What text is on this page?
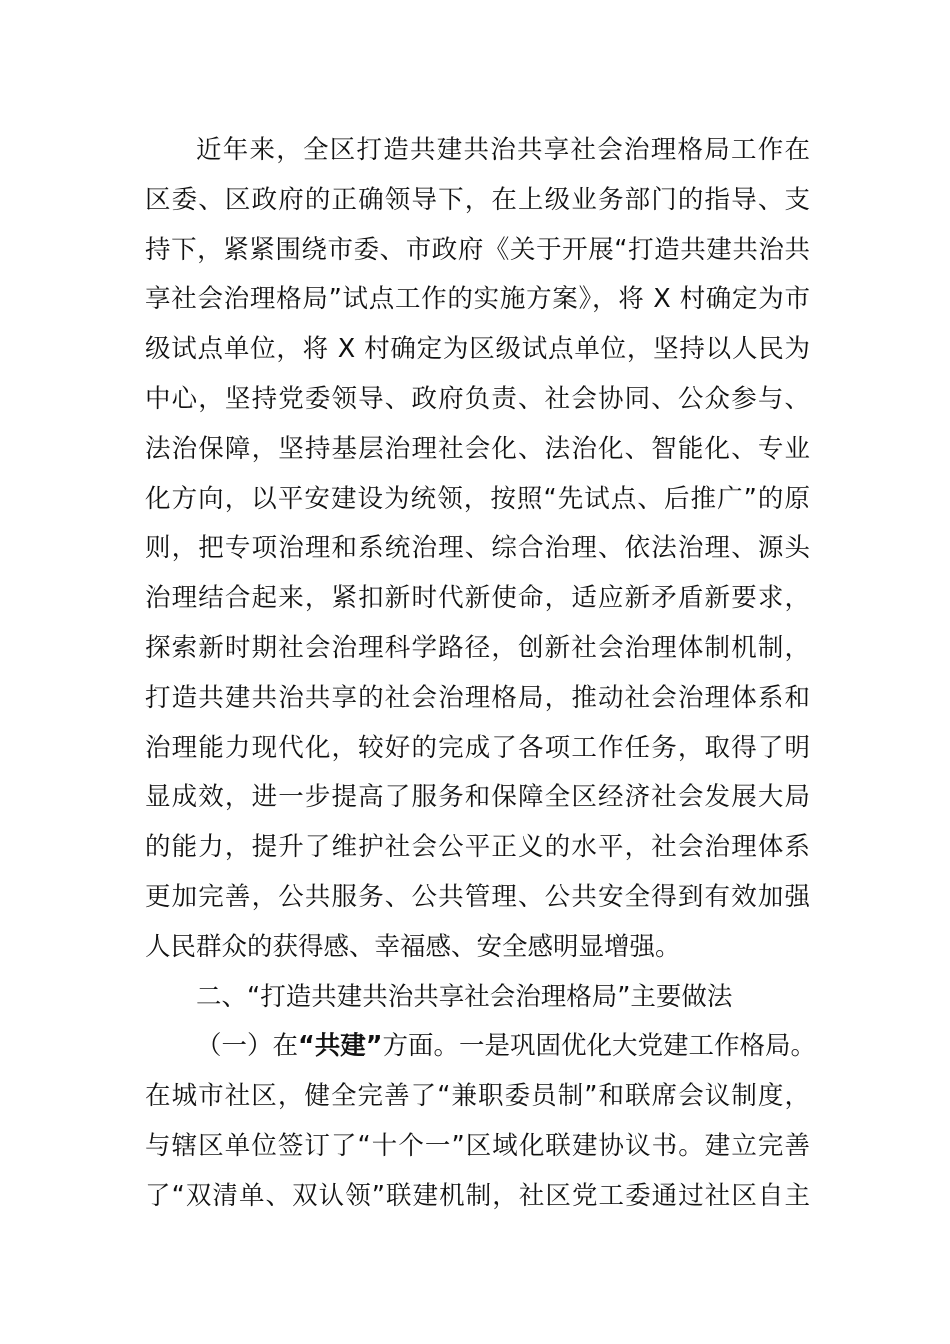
近年来，全区打造共建共治共享社会治理格局工作在
区委、区政府的正确领导下，在上级业务部门的指导、支
持下，紧紧围绕市委、市政府《关于开展“打造共建共治共
享社会治理格局”试点工作的实施方案》，将 X 村确定为市
级试点单位，将 X 村确定为区级试点单位，坚持以人民为
中心，坚持党委领导、政府负责、社会协同、公众参与、
法治保障，坚持基层治理社会化、法治化、智能化、专业
化方向，以平安建设为统领，按照“先试点、后推广”的原
则，把专项治理和系统治理、综合治理、依法治理、源头
治理结合起来，紧扣新时代新使命，适应新矛盾新要求，
探索新时期社会治理科学路径，创新社会治理体制机制，
打造共建共治共享的社会治理格局，推动社会治理体系和
治理能力现代化，较好的完成了各项工作任务，取得了明
显成效，进一步提高了服务和保障全区经济社会发展大局
的能力，提升了维护社会公平正义的水平，社会治理体系
更加完善，公共服务、公共管理、公共安全得到有效加强
人民群众的获得感、幸福感、安全感明显增强。
二、“打造共建共治共享社会治理格局”主要做法
（一）在“共建”方面。一是巩固优化大党建工作格局。
在城市社区，健全完善了“兼职委员制”和联席会议制度，
与辖区单位签订了“十个一”区域化联建协议书。建立完善
了“双清单、双认领”联建机制，社区党工委通过社区自主
